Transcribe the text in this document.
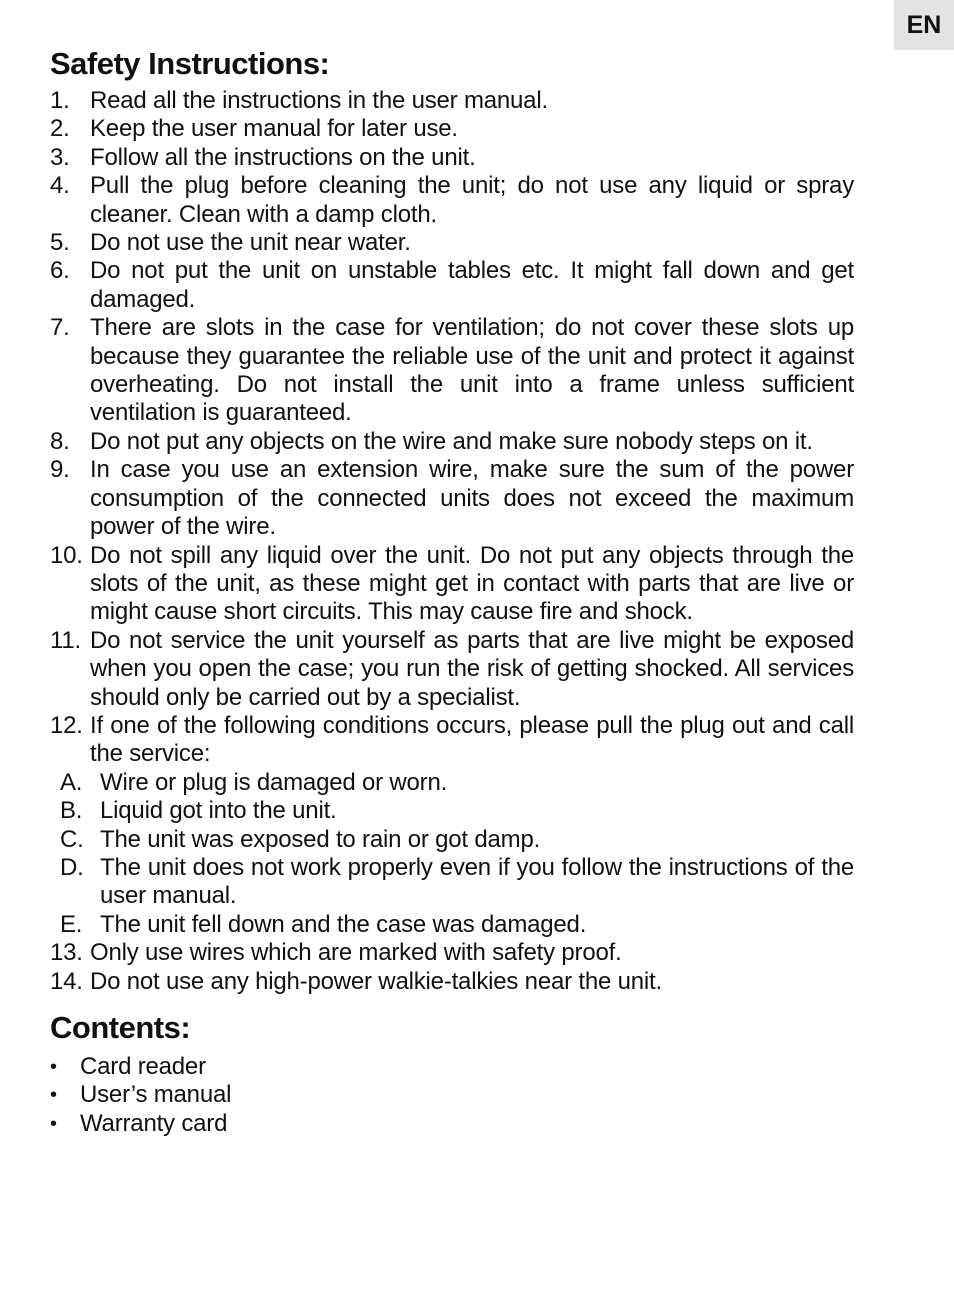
EN
Safety Instructions:
1. Read all the instructions in the user manual.
2. Keep the user manual for later use.
3. Follow all the instructions on the unit.
4. Pull the plug before cleaning the unit; do not use any liquid or spray cleaner. Clean with a damp cloth.
5. Do not use the unit near water.
6. Do not put the unit on unstable tables etc. It might fall down and get damaged.
7. There are slots in the case for ventilation; do not cover these slots up because they guarantee the reliable use of the unit and protect it against overheating. Do not install the unit into a frame unless sufficient ventilation is guaranteed.
8. Do not put any objects on the wire and make sure nobody steps on it.
9. In case you use an extension wire, make sure the sum of the power consumption of the connected units does not exceed the maximum power of the wire.
10. Do not spill any liquid over the unit. Do not put any objects through the slots of the unit, as these might get in contact with parts that are live or might cause short circuits. This may cause fire and shock.
11. Do not service the unit yourself as parts that are live might be exposed when you open the case; you run the risk of getting shocked. All services should only be carried out by a specialist.
12. If one of the following conditions occurs, please pull the plug out and call the service:
A. Wire or plug is damaged or worn.
B. Liquid got into the unit.
C. The unit was exposed to rain or got damp.
D. The unit does not work properly even if you follow the instructions of the user manual.
E. The unit fell down and the case was damaged.
13. Only use wires which are marked with safety proof.
14. Do not use any high-power walkie-talkies near the unit.
Contents:
• Card reader
• User’s manual
• Warranty card
